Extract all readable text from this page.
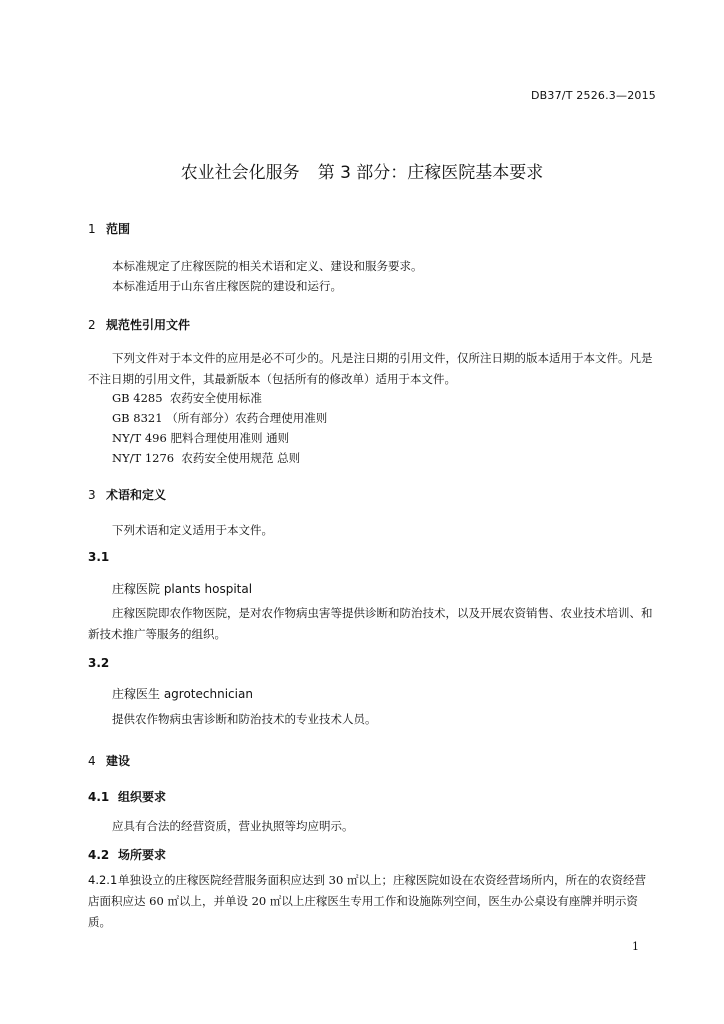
DB37/T 2526.3—2015
农业社会化服务 第 3 部分：庄稼医院基本要求
1 范围
本标准规定了庄稼医院的相关术语和定义、建设和服务要求。
本标准适用于山东省庄稼医院的建设和运行。
2 规范性引用文件
下列文件对于本文件的应用是必不可少的。凡是注日期的引用文件，仅所注日期的版本适用于本文件。凡是不注日期的引用文件，其最新版本（包括所有的修改单）适用于本文件。
GB 4285  农药安全使用标准
GB 8321 （所有部分）农药合理使用准则
NY/T 496 肥料合理使用准则 通则
NY/T 1276  农药安全使用规范 总则
3 术语和定义
下列术语和定义适用于本文件。
3.1
庄稼医院 plants hospital
庄稼医院即农作物医院，是对农作物病虫害等提供诊断和防治技术，以及开展农资销售、农业技术培训、和新技术推广等服务的组织。
3.2
庄稼医生 agrotechnician
提供农作物病虫害诊断和防治技术的专业技术人员。
4 建设
4.1 组织要求
应具有合法的经营资质，营业执照等均应明示。
4.2 场所要求
4.2.1单独设立的庄稼医院经营服务面积应达到 30 ㎡以上；庄稼医院如设在农资经营场所内，所在的农资经营店面积应达 60 ㎡以上，并单设 20 ㎡以上庄稼医生专用工作和设施陈列空间，医生办公桌设有座牌并明示资质。
1
